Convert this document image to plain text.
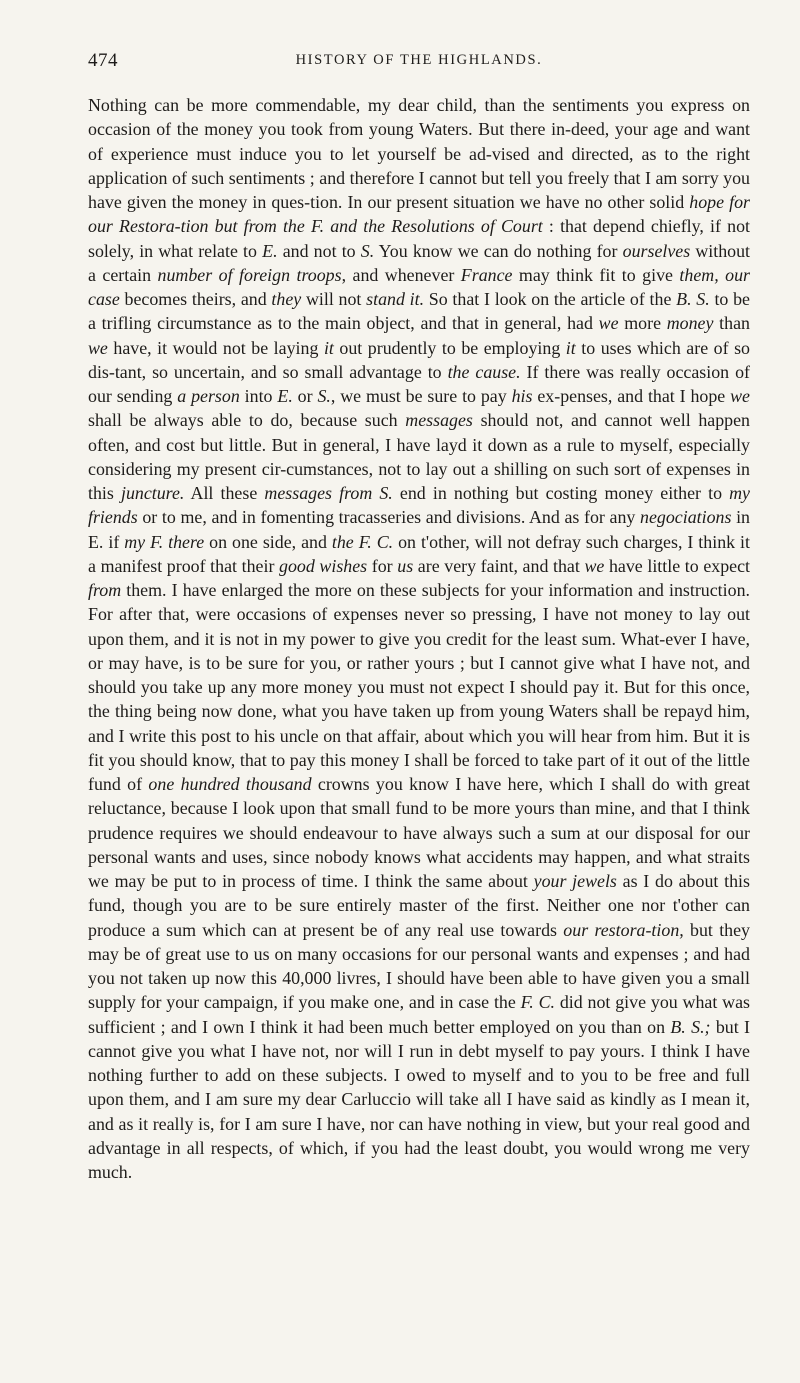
474	HISTORY OF THE HIGHLANDS.

Nothing can be more commendable, my dear child, than the sentiments you express on occasion of the money you took from young Waters. But there in-deed, your age and want of experience must induce you to let yourself be ad-vised and directed, as to the right application of such sentiments ; and therefore I cannot but tell you freely that I am sorry you have given the money in ques-tion. In our present situation we have no other solid hope for our Restora-tion but from the F. and the Resolutions of Court : that depend chiefly, if not solely, in what relate to E. and not to S. You know we can do nothing for ourselves without a certain number of foreign troops, and whenever France may think fit to give them, our case becomes theirs, and they will not stand it. So that I look on the article of the B. S. to be a trifling circumstance as to the main object, and that in general, had we more money than we have, it would not be laying it out prudently to be employing it to uses which are of so dis-tant, so uncertain, and so small advantage to the cause. If there was really occasion of our sending a person into E. or S., we must be sure to pay his ex-penses, and that I hope we shall be always able to do, because such messages should not, and cannot well happen often, and cost but little. But in general, I have layd it down as a rule to myself, especially considering my present cir-cumstances, not to lay out a shilling on such sort of expenses in this juncture. All these messages from S. end in nothing but costing money either to my friends or to me, and in fomenting tracasseries and divisions. And as for any negociations in E. if my F. there on one side, and the F. C. on t'other, will not defray such charges, I think it a manifest proof that their good wishes for us are very faint, and that we have little to expect from them. I have enlarged the more on these subjects for your information and instruction. For after that, were occasions of expenses never so pressing, I have not money to lay out upon them, and it is not in my power to give you credit for the least sum. What-ever I have, or may have, is to be sure for you, or rather yours ; but I cannot give what I have not, and should you take up any more money you must not expect I should pay it. But for this once, the thing being now done, what you have taken up from young Waters shall be repayd him, and I write this post to his uncle on that affair, about which you will hear from him. But it is fit you should know, that to pay this money I shall be forced to take part of it out of the little fund of one hundred thousand crowns you know I have here, which I shall do with great reluctance, because I look upon that small fund to be more yours than mine, and that I think prudence requires we should endeavour to have always such a sum at our disposal for our personal wants and uses, since nobody knows what accidents may happen, and what straits we may be put to in process of time. I think the same about your jewels as I do about this fund, though you are to be sure entirely master of the first. Neither one nor t'other can produce a sum which can at present be of any real use towards our restora-tion, but they may be of great use to us on many occasions for our personal wants and expenses ; and had you not taken up now this 40,000 livres, I should have been able to have given you a small supply for your campaign, if you make one, and in case the F. C. did not give you what was sufficient ; and I own I think it had been much better employed on you than on B. S.; but I cannot give you what I have not, nor will I run in debt myself to pay yours. I think I have nothing further to add on these subjects. I owed to myself and to you to be free and full upon them, and I am sure my dear Carluccio will take all I have said as kindly as I mean it, and as it really is, for I am sure I have, nor can have nothing in view, but your real good and advantage in all respects, of which, if you had the least doubt, you would wrong me very much.
